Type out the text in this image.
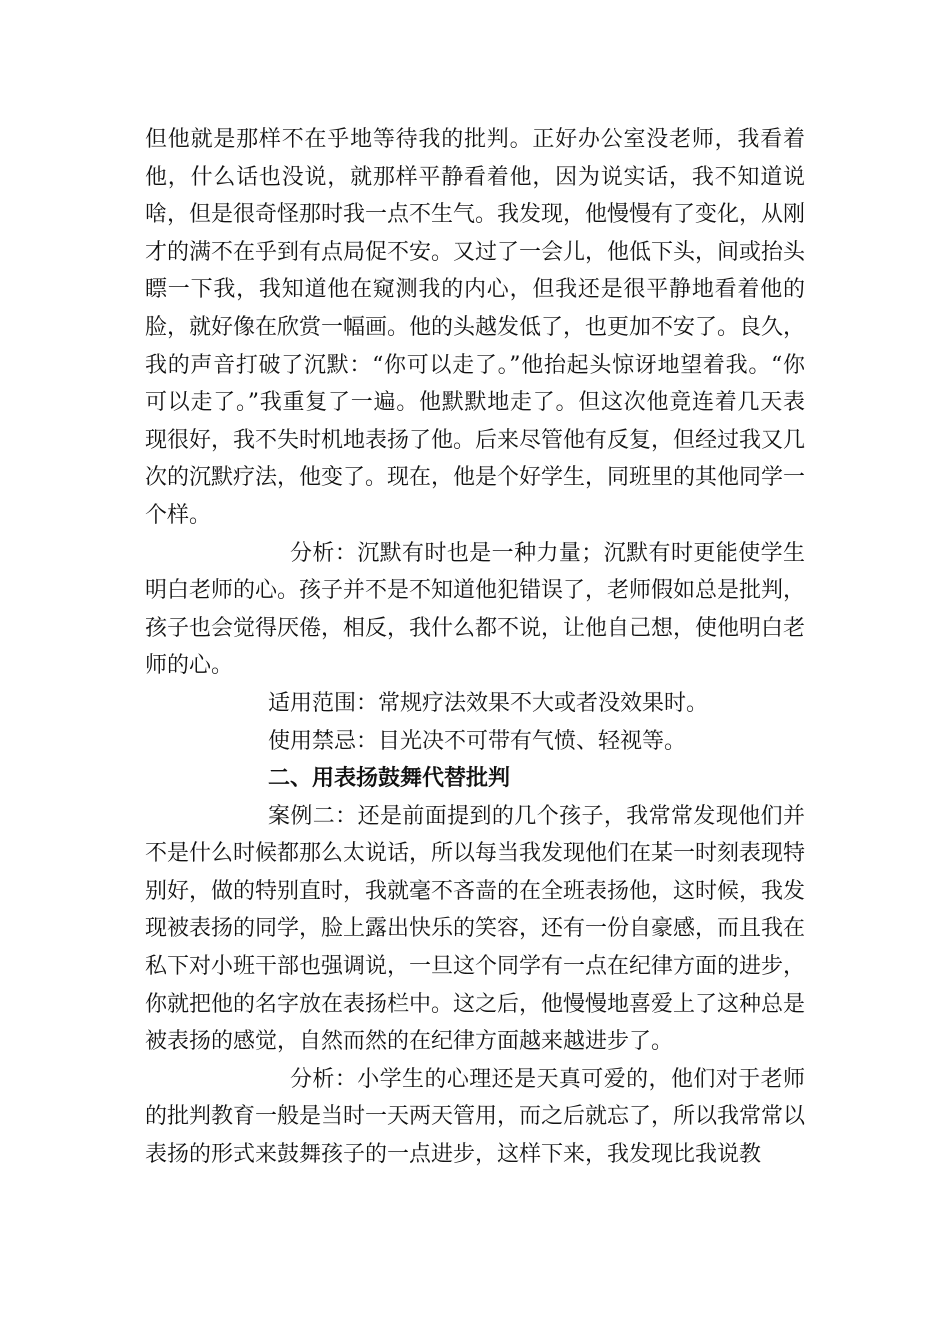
但他就是那样不在乎地等待我的批判。正好办公室没老师，我看着他，什么话也没说，就那样平静看着他，因为说实话，我不知道说啥，但是很奇怪那时我一点不生气。我发现，他慢慢有了变化，从刚才的满不在乎到有点局促不安。又过了一会儿，他低下头，间或抬头瞟一下我，我知道他在窥测我的内心，但我还是很平静地看着他的脸，就好像在欣赏一幅画。他的头越发低了，也更加不安了。良久，我的声音打破了沉默：“你可以走了。”他抬起头惊讶地望着我。“你可以走了。”我重复了一遍。他默默地走了。但这次他竟连着几天表现很好，我不失时机地表扬了他。后来尽管他有反复，但经过我又几次的沉默疗法，他变了。现在，他是个好学生，同班里的其他同学一个样。

分析：沉默有时也是一种力量；沉默有时更能使学生明白老师的心。孩子并不是不知道他犯错误了，老师假如总是批判，孩子也会觉得厌倦，相反，我什么都不说，让他自己想，使他明白老师的心。

适用范围：常规疗法效果不大或者没效果时。

使用禁忌：目光决不可带有气愤、轻视等。

二、用表扬鼓舞代替批判

案例二：还是前面提到的几个孩子，我常常发现他们并不是什么时候都那么太说话，所以每当我发现他们在某一时刻表现特别好，做的特别直时，我就毫不吝啬的在全班表扬他，这时候，我发现被表扬的同学，脸上露出快乐的笑容，还有一份自豪感，而且我在私下对小班干部也强调说，一旦这个同学有一点在纪律方面的进步，你就把他的名字放在表扬栏中。这之后，他慢慢地喜爱上了这种总是被表扬的感觉，自然而然的在纪律方面越来越进步了。

分析：小学生的心理还是天真可爱的，他们对于老师的批判教育一般是当时一天两天管用，而之后就忘了，所以我常常以表扬的形式来鼓舞孩子的一点进步，这样下来，我发现比我说教
